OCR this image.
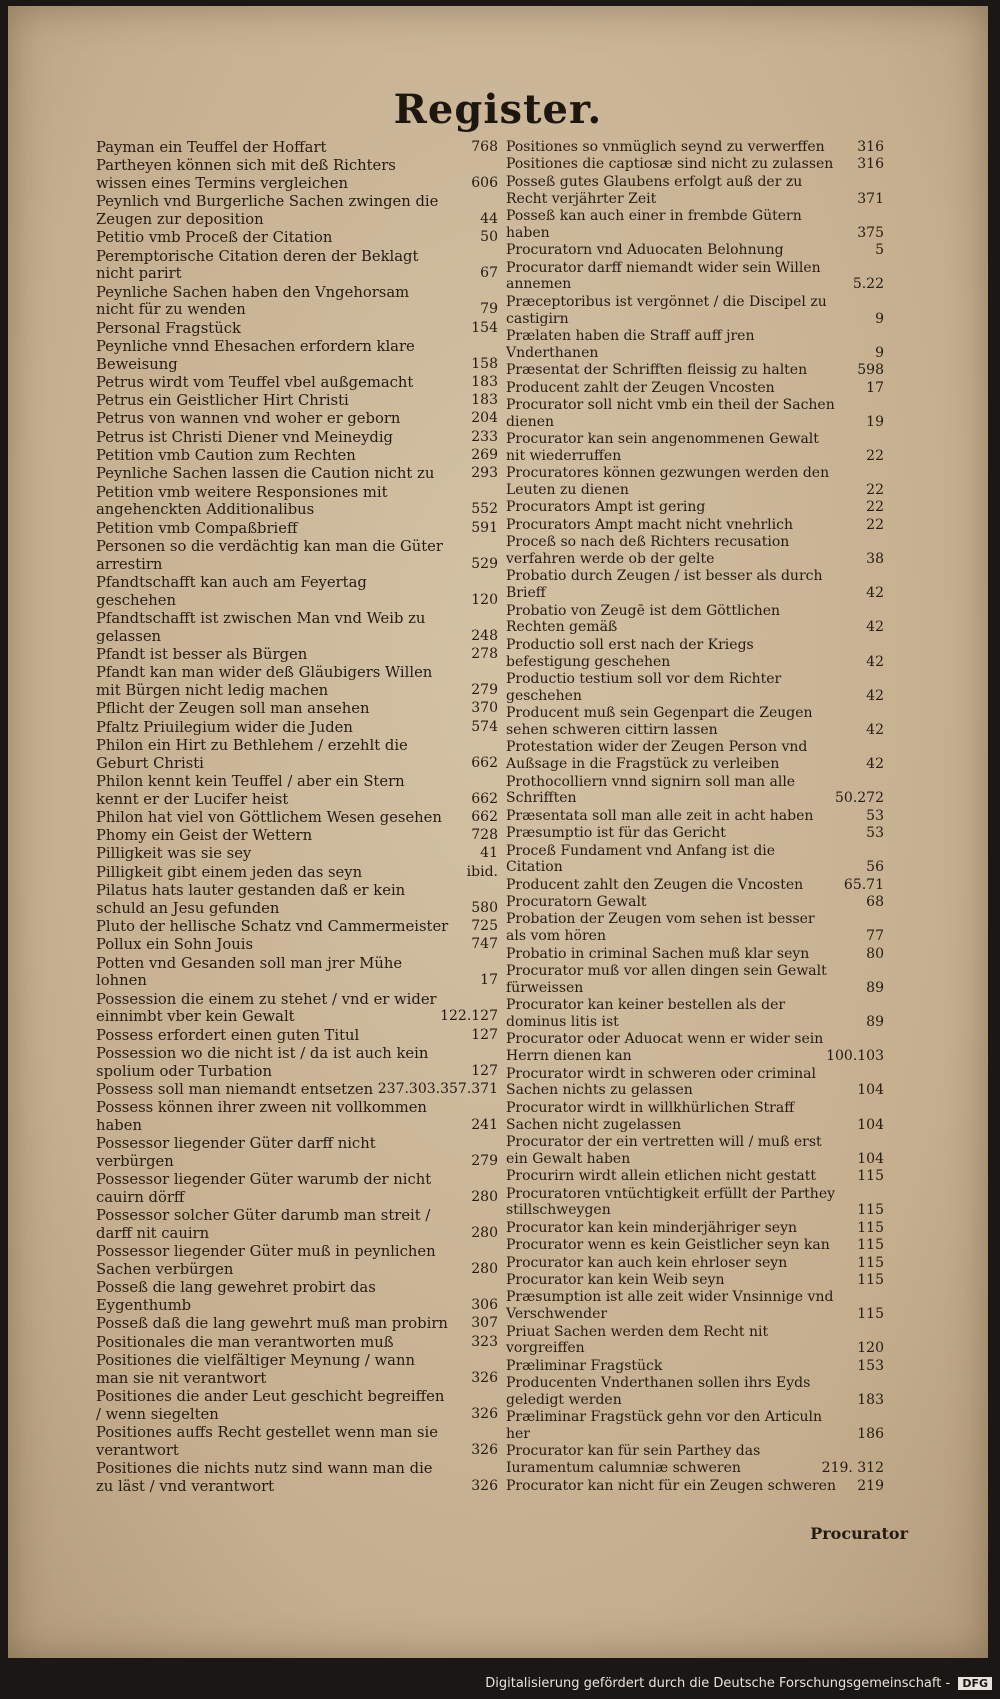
Register.
Payman ein Teuffel der Hoffart	768
Partheyen können sich mit deß Richters wissen eines Termins vergleichen	606
Peynlich vnd Burgerliche Sachen zwingen die Zeugen zur deposition	44
Petitio vmb Proceß der Citation	50
Peremptorische Citation deren der Beklagt nicht parirt	67
Peynliche Sachen haben den Vngehorsam nicht für zu wenden	79
Personal Fragstück	154
Peynliche vnnd Ehesachen erfordern klare Beweisung	158
Petrus wirdt vom Teuffel vbel außgemacht	183
Petrus ein Geistlicher Hirt Christi	183
Petrus von wannen vnd woher er geborn	204
Petrus ist Christi Diener vnd Meineydig	233
Petition vmb Caution zum Rechten	269
Peynliche Sachen lassen die Caution nicht zu	293
Petition vmb weitere Responsiones mit angehenckten Additionalibus	552
Petition vmb Compaßbrieff	591
Personen so die verdächtig kan man die Güter arrestirn	529
Pfandtschafft kan auch am Feyertag geschehen	120
Pfandtschafft ist zwischen Man vnd Weib zu gelassen	248
Pfandt ist besser als Bürgen	278
Pfandt kan man wider deß Gläubigers Willen mit Bürgen nicht ledig machen	279
Pflicht der Zeugen soll man ansehen	370
Pfaltz Priuilegium wider die Juden	574
Philon ein Hirt zu Bethlehem / erzehlt die Geburt Christi	662
Philon kennt kein Teuffel / aber ein Stern kennt er der Lucifer heist	662
Philon hat viel von Göttlichem Wesen gesehen 662
Phomy ein Geist der Wettern	728
Pilligkeit was sie sey	41
Pilligkeit gibt einem jeden das seyn	ibid.
Pilatus hats lauter gestanden daß er kein schuld an Jesu gefunden	580
Pluto der hellische Schatz vnd Cammermeister 725
Pollux ein Sohn Jouis	747
Potten vnd Gesanden soll man jrer Mühe lohnen	17
Possession die einem zu stehet / vnd er wider einnimbt vber kein Gewalt	122.127
Possess erfordert einen guten Titul	127
Possession wo die nicht ist / da ist auch kein spolium oder Turbation	127
Possess soll man niemandt entsetzen 237.303.357.371
Possess können ihrer zween nit vollkommen haben	241
Possessor liegender Güter darff nicht verbürgen	279
Possessor liegender Güter warumb der nicht cauirn dörff	280
Possessor solcher Güter darumb man streit / darff nit cauirn	280
Possessor liegender Güter muß in peynlichen Sachen verbürgen	280
Posseß die lang gewehret probirt das Eygenthumb	306
Posseß daß die lang gewehrt muß man probirn 307
Positionales die man verantworten muß	323
Positiones die vielfältiger Meynung / wann man sie nit verantwort	326
Positiones die ander Leut geschicht begreiffen / wenn siegelten	326
Positiones auffs Recht gestellet wenn man sie verantwort	326
Positiones die nichts nutz sind wann man die zu läst / vnd verantwort	326
Positiones so vnmüglich seynd zu verwerffen 316
Positiones die captiosæ sind nicht zu zulassen 316
Posseß gutes Glaubens erfolgt auß der zu Recht verjährter Zeit	371
Posseß kan auch einer in frembde Gütern haben	375
Procuratorn vnd Aduocaten Belohnung	5
Procurator darff niemandt wider sein Willen annemen	5.22
Præceptoribus ist vergönnet / die Discipel zu castigirn	9
Prælaten haben die Straff auff jren Vnderthanen	9
Præsentat der Schrifften fleissig zu halten	598
Producent zahlt der Zeugen Vncosten	17
Procurator soll nicht vmb ein theil der Sachen dienen	19
Procurator kan sein angenommenen Gewalt nit wiederruffen	22
Procuratores können gezwungen werden den Leuten zu dienen	22
Procurators Ampt ist gering	22
Procurators Ampt macht nicht vnehrlich	22
Proceß so nach deß Richters recusation verfahren werde ob der gelte	38
Probatio durch Zeugen / ist besser als durch Brieff	42
Probatio von Zeugē ist dem Göttlichen Rechten gemäß	42
Productio soll erst nach der Kriegs befestigung geschehen	42
Productio testium soll vor dem Richter geschehen	42
Producent muß sein Gegenpart die Zeugen sehen schweren cittirn lassen	42
Protestation wider der Zeugen Person vnd Außsage in die Fragstück zu verleiben	42
Prothocolliern vnnd signirn soll man alle Schrifften	50.272
Præsentata soll man alle zeit in acht haben	53
Præsumptio ist für das Gericht	53
Proceß Fundament vnd Anfang ist die Citation	56
Producent zahlt den Zeugen die Vncosten	65.71
Procuratorn Gewalt	68
Probation der Zeugen vom sehen ist besser als vom hören	77
Probatio in criminal Sachen muß klar seyn	80
Procurator muß vor allen dingen sein Gewalt fürweissen	89
Procurator kan keiner bestellen als der dominus litis ist	89
Procurator oder Aduocat wenn er wider sein Herrn dienen kan	100.103
Procurator wirdt in schweren oder criminal Sachen nichts zu gelassen	104
Procurator wirdt in willkhürlichen Straff Sachen nicht zugelassen	104
Procurator der ein vertretten will / muß erst ein Gewalt haben	104
Procurirn wirdt allein etlichen nicht gestatt	115
Procuratoren vntüchtigkeit erfüllt der Parthey stillschweygen	115
Procurator kan kein minderjähriger seyn	115
Procurator wenn es kein Geistlicher seyn kan 115
Procurator kan auch kein ehrloser seyn	115
Procurator kan kein Weib seyn	115
Præsumption ist alle zeit wider Vnsinnige vnd Verschwender	115
Priuat Sachen werden dem Recht nit vorgreiffen	120
Præliminar Fragstück	153
Producenten Vnderthanen sollen ihrs Eyds geledigt werden	183
Præliminar Fragstück gehn vor den Articuln her	186
Procurator kan für sein Parthey das Iuramentum calumniæ schweren	219. 312
Procurator kan nicht für ein Zeugen schweren 219
Procurator
Digitalisierung gefördert durch die Deutsche Forschungsgemeinschaft - DFG
